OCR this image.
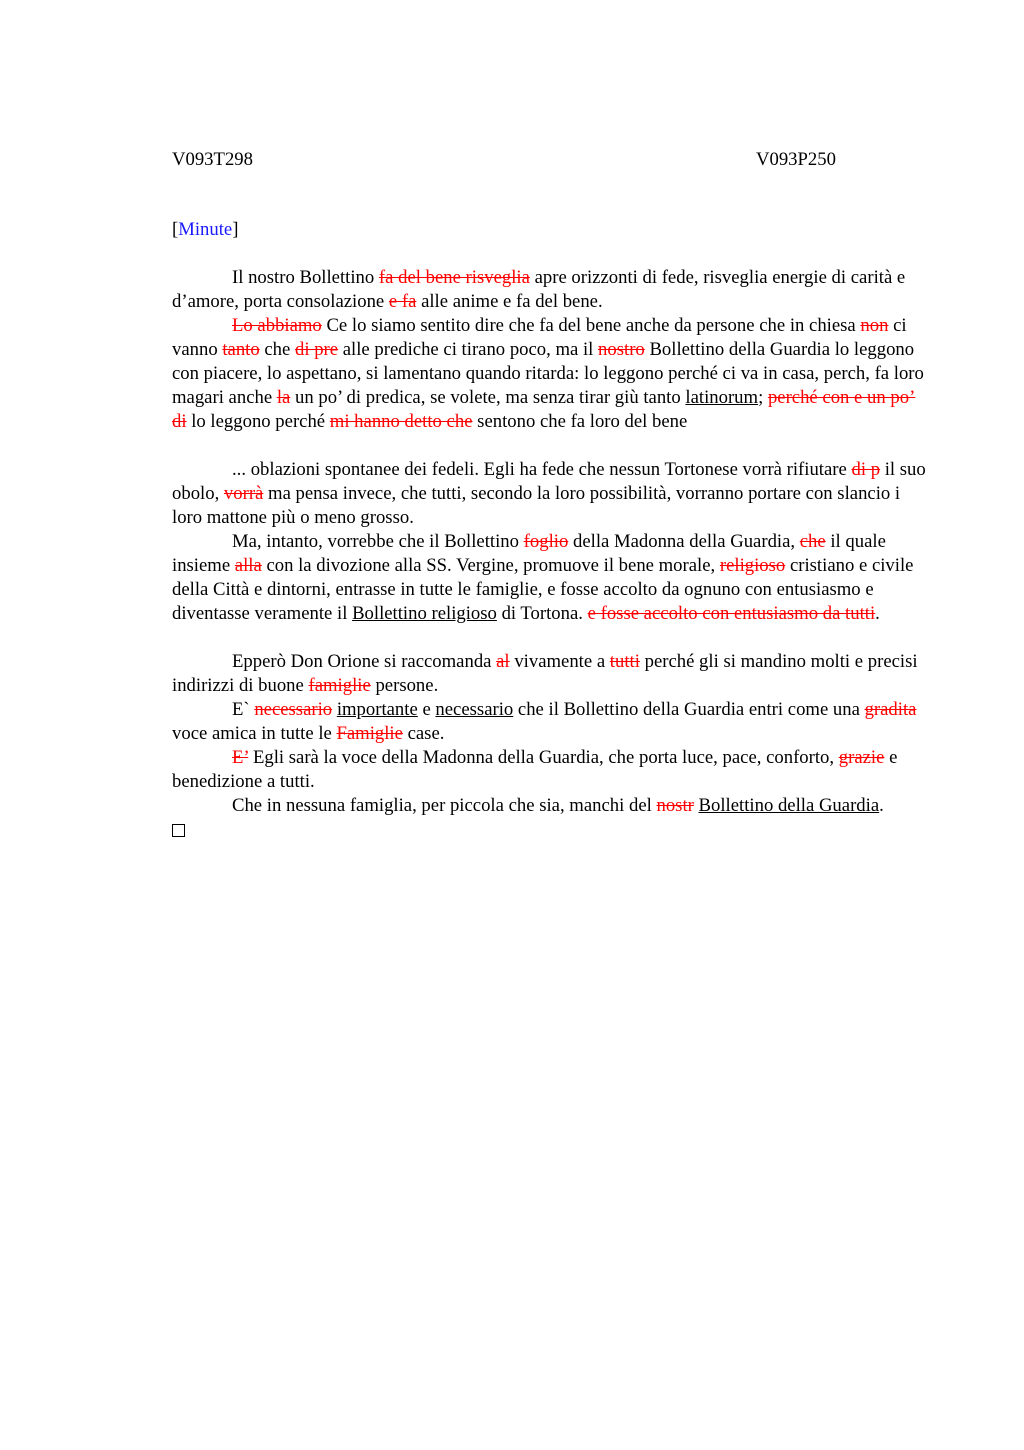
V093T298	V093P250
[Minute]

Il nostro Bollettino fa del bene risveglia apre orizzonti di fede, risveglia energie di carità e d’amore, porta consolazione e fa alle anime e fa del bene.

Lo abbiamo Ce lo siamo sentito dire che fa del bene anche da persone che in chiesa non ci vanno tanto che di pre alle prediche ci tirano poco, ma il nostro Bollettino della Guardia lo leggono con piacere, lo aspettano, si lamentano quando ritarda: lo leggono perché ci va in casa, perch, fa loro magari anche la un po’ di predica, se volete, ma senza tirar giù tanto latinorum; perché con e un po’ di lo leggono perché mi hanno detto che sentono che fa loro del bene

... oblazioni spontanee dei fedeli. Egli ha fede che nessun Tortonese vorrà rifiutare di p il suo obolo, vorrà ma pensa invece, che tutti, secondo la loro possibilità, vorranno portare con slancio i loro mattone più o meno grosso.

Ma, intanto, vorrebbe che il Bollettino foglio della Madonna della Guardia, che il quale insieme alla con la divozione alla SS. Vergine, promuove il bene morale, religioso cristiano e civile della Città e dintorni, entrasse in tutte le famiglie, e fosse accolto da ognuno con entusiasmo e diventasse veramente il Bollettino religioso di Tortona. e fosse accolto con entusiasmo da tutti.

Epperò Don Orione si raccomanda al vivamente a tutti perché gli si mandino molti e precisi indirizzi di buone famiglie persone.

E` necessario importante e necessario che il Bollettino della Guardia entri come una gradita voce amica in tutte le Famiglie case.

E’ Egli sarà la voce della Madonna della Guardia, che porta luce, pace, conforto, grazie e benedizione a tutti.

Che in nessuna famiglia, per piccola che sia, manchi del nostr Bollettino della Guardia.
